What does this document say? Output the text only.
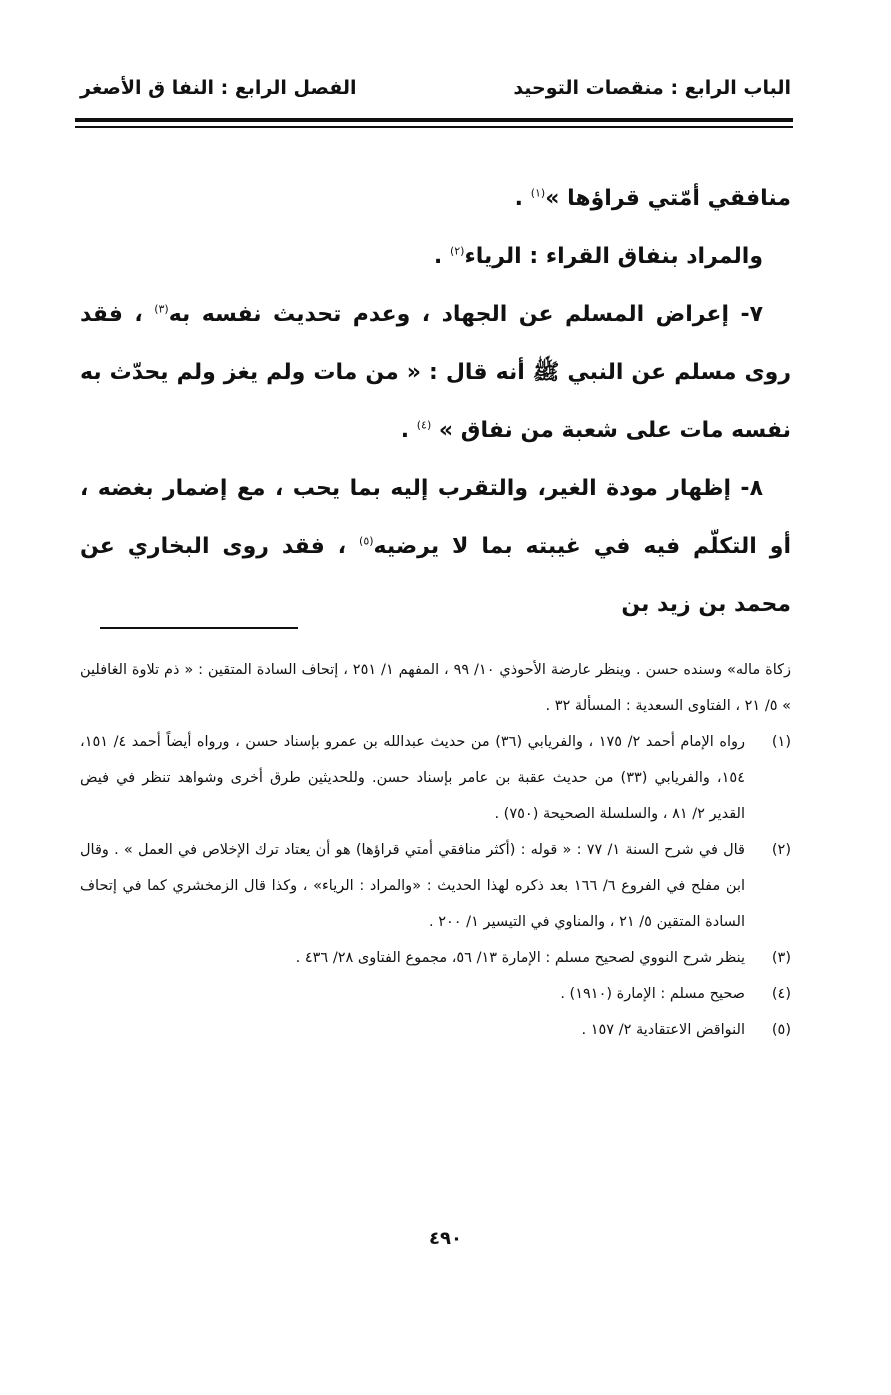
الباب الرابع : منقصات التوحيد
الفصل الرابع : النفا ق الأصغر

منافقي أمّتي قراؤها »$^{(١)}$ .

والمراد بنفاق القراء : الرياء$^{(٢)}$ .

٧- إعراض المسلم عن الجهاد ، وعدم تحديث نفسه به$^{(٣)}$ ، فقد روى مسلم عن النبي ﷺ أنه قال : « من مات ولم يغز ولم يحدّث به نفسه مات على شعبة من نفاق » $^{(٤)}$ .

٨- إظهار مودة الغير، والتقرب إليه بما يحب ، مع إضمار بغضه ، أو التكلّم فيه في غيبته بما لا يرضيه$^{(٥)}$ ، فقد روى البخاري عن محمد بن زيد بن

زكاة ماله» وسنده حسن . وينظر عارضة الأحوذي ١٠/ ٩٩ ، المفهم ١/ ٢٥١ ، إتحاف السادة المتقين : « ذم تلاوة الغافلين » ٥/ ٢١ ، الفتاوى السعدية : المسألة ٣٢ .

(١)
رواه الإمام أحمد ٢/ ١٧٥ ، والفريابي (٣٦) من حديث عبدالله بن عمرو بإسناد حسن ، ورواه أيضاً أحمد ٤/ ١٥١، ١٥٤، والفريابي (٣٣) من حديث عقبة بن عامر بإسناد حسن. وللحديثين طرق أخرى وشواهد تنظر في فيض القدير ٢/ ٨١ ، والسلسلة الصحيحة (٧٥٠) .
(٢)
قال في شرح السنة ١/ ٧٧ : « قوله : (أكثر منافقي أمتي قراؤها) هو أن يعتاد ترك الإخلاص في العمل » . وقال ابن مفلح في الفروع ٦/ ١٦٦ بعد ذكره لهذا الحديث : «والمراد : الرياء» ، وكذا قال الزمخشري كما في إتحاف السادة المتقين ٥/ ٢١ ، والمناوي في التيسير ١/ ٢٠٠ .
(٣)
ينظر شرح النووي لصحيح مسلم : الإمارة ١٣/ ٥٦، مجموع الفتاوى ٢٨/ ٤٣٦ .
(٤)
صحيح مسلم : الإمارة (١٩١٠) .
(٥)
النواقض الاعتقادية ٢/ ١٥٧ .
٤٩٠
